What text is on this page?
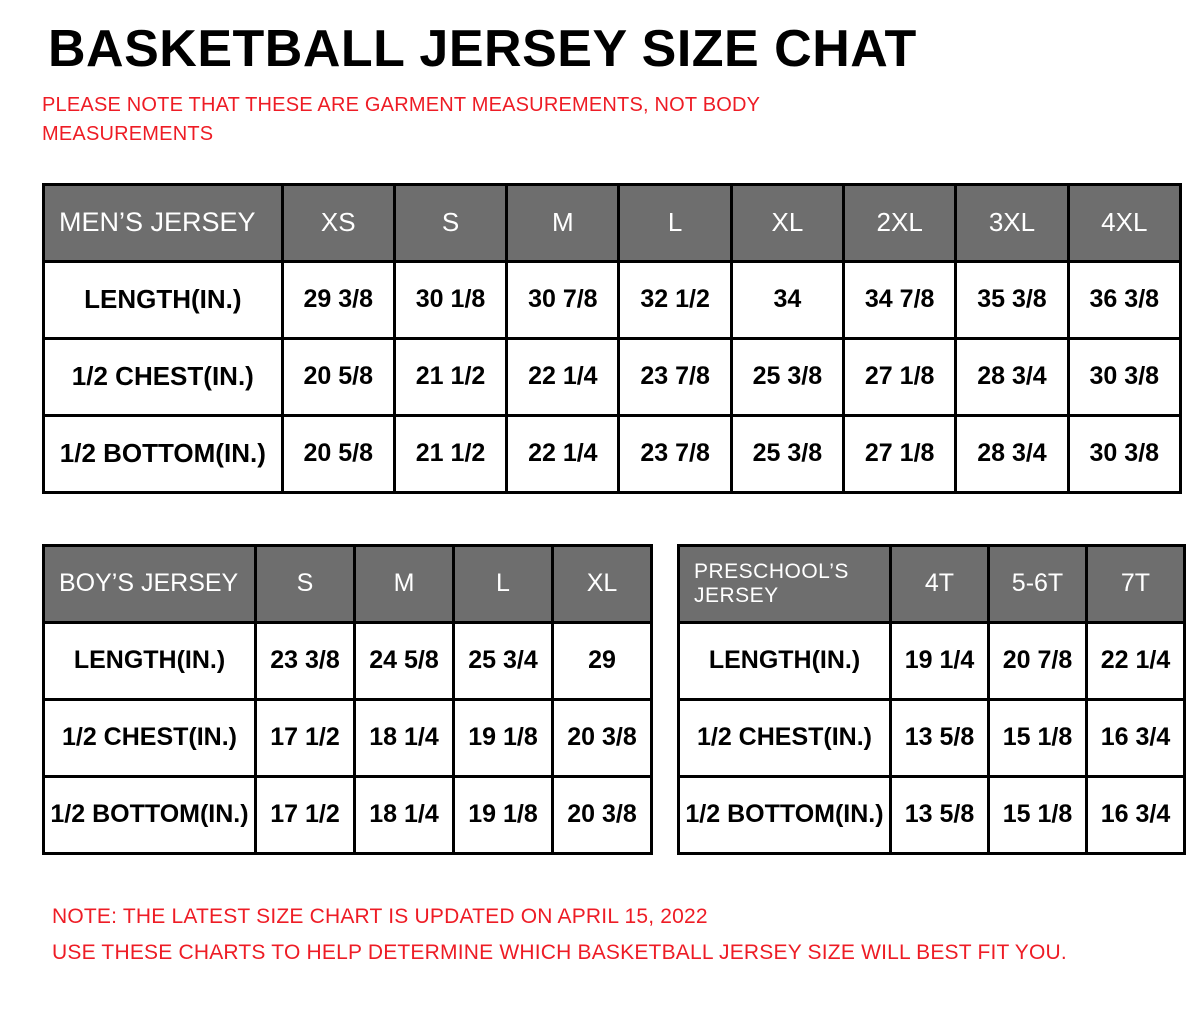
BASKETBALL JERSEY SIZE CHAT

PLEASE NOTE THAT THESE ARE GARMENT MEASUREMENTS, NOT BODY MEASUREMENTS

MEN’S JERSEY	XS	S	M	L	XL	2XL	3XL	4XL
LENGTH(IN.)	29 3/8	30 1/8	30 7/8	32 1/2	34	34 7/8	35 3/8	36 3/8
1/2 CHEST(IN.)	20 5/8	21 1/2	22 1/4	23 7/8	25 3/8	27 1/8	28 3/4	30 3/8
1/2 BOTTOM(IN.)	20 5/8	21 1/2	22 1/4	23 7/8	25 3/8	27 1/8	28 3/4	30 3/8
BOY’S JERSEY	S	M	L	XL
LENGTH(IN.)	23 3/8	24 5/8	25 3/4	29
1/2 CHEST(IN.)	17 1/2	18 1/4	19 1/8	20 3/8
1/2 BOTTOM(IN.)	17 1/2	18 1/4	19 1/8	20 3/8
PRESCHOOL’S JERSEY	4T	5-6T	7T
LENGTH(IN.)	19 1/4	20 7/8	22 1/4
1/2 CHEST(IN.)	13 5/8	15 1/8	16 3/4
1/2 BOTTOM(IN.)	13 5/8	15 1/8	16 3/4
NOTE: THE LATEST SIZE CHART IS UPDATED ON APRIL 15, 2022
USE THESE CHARTS TO HELP DETERMINE WHICH BASKETBALL JERSEY SIZE WILL BEST FIT YOU.
